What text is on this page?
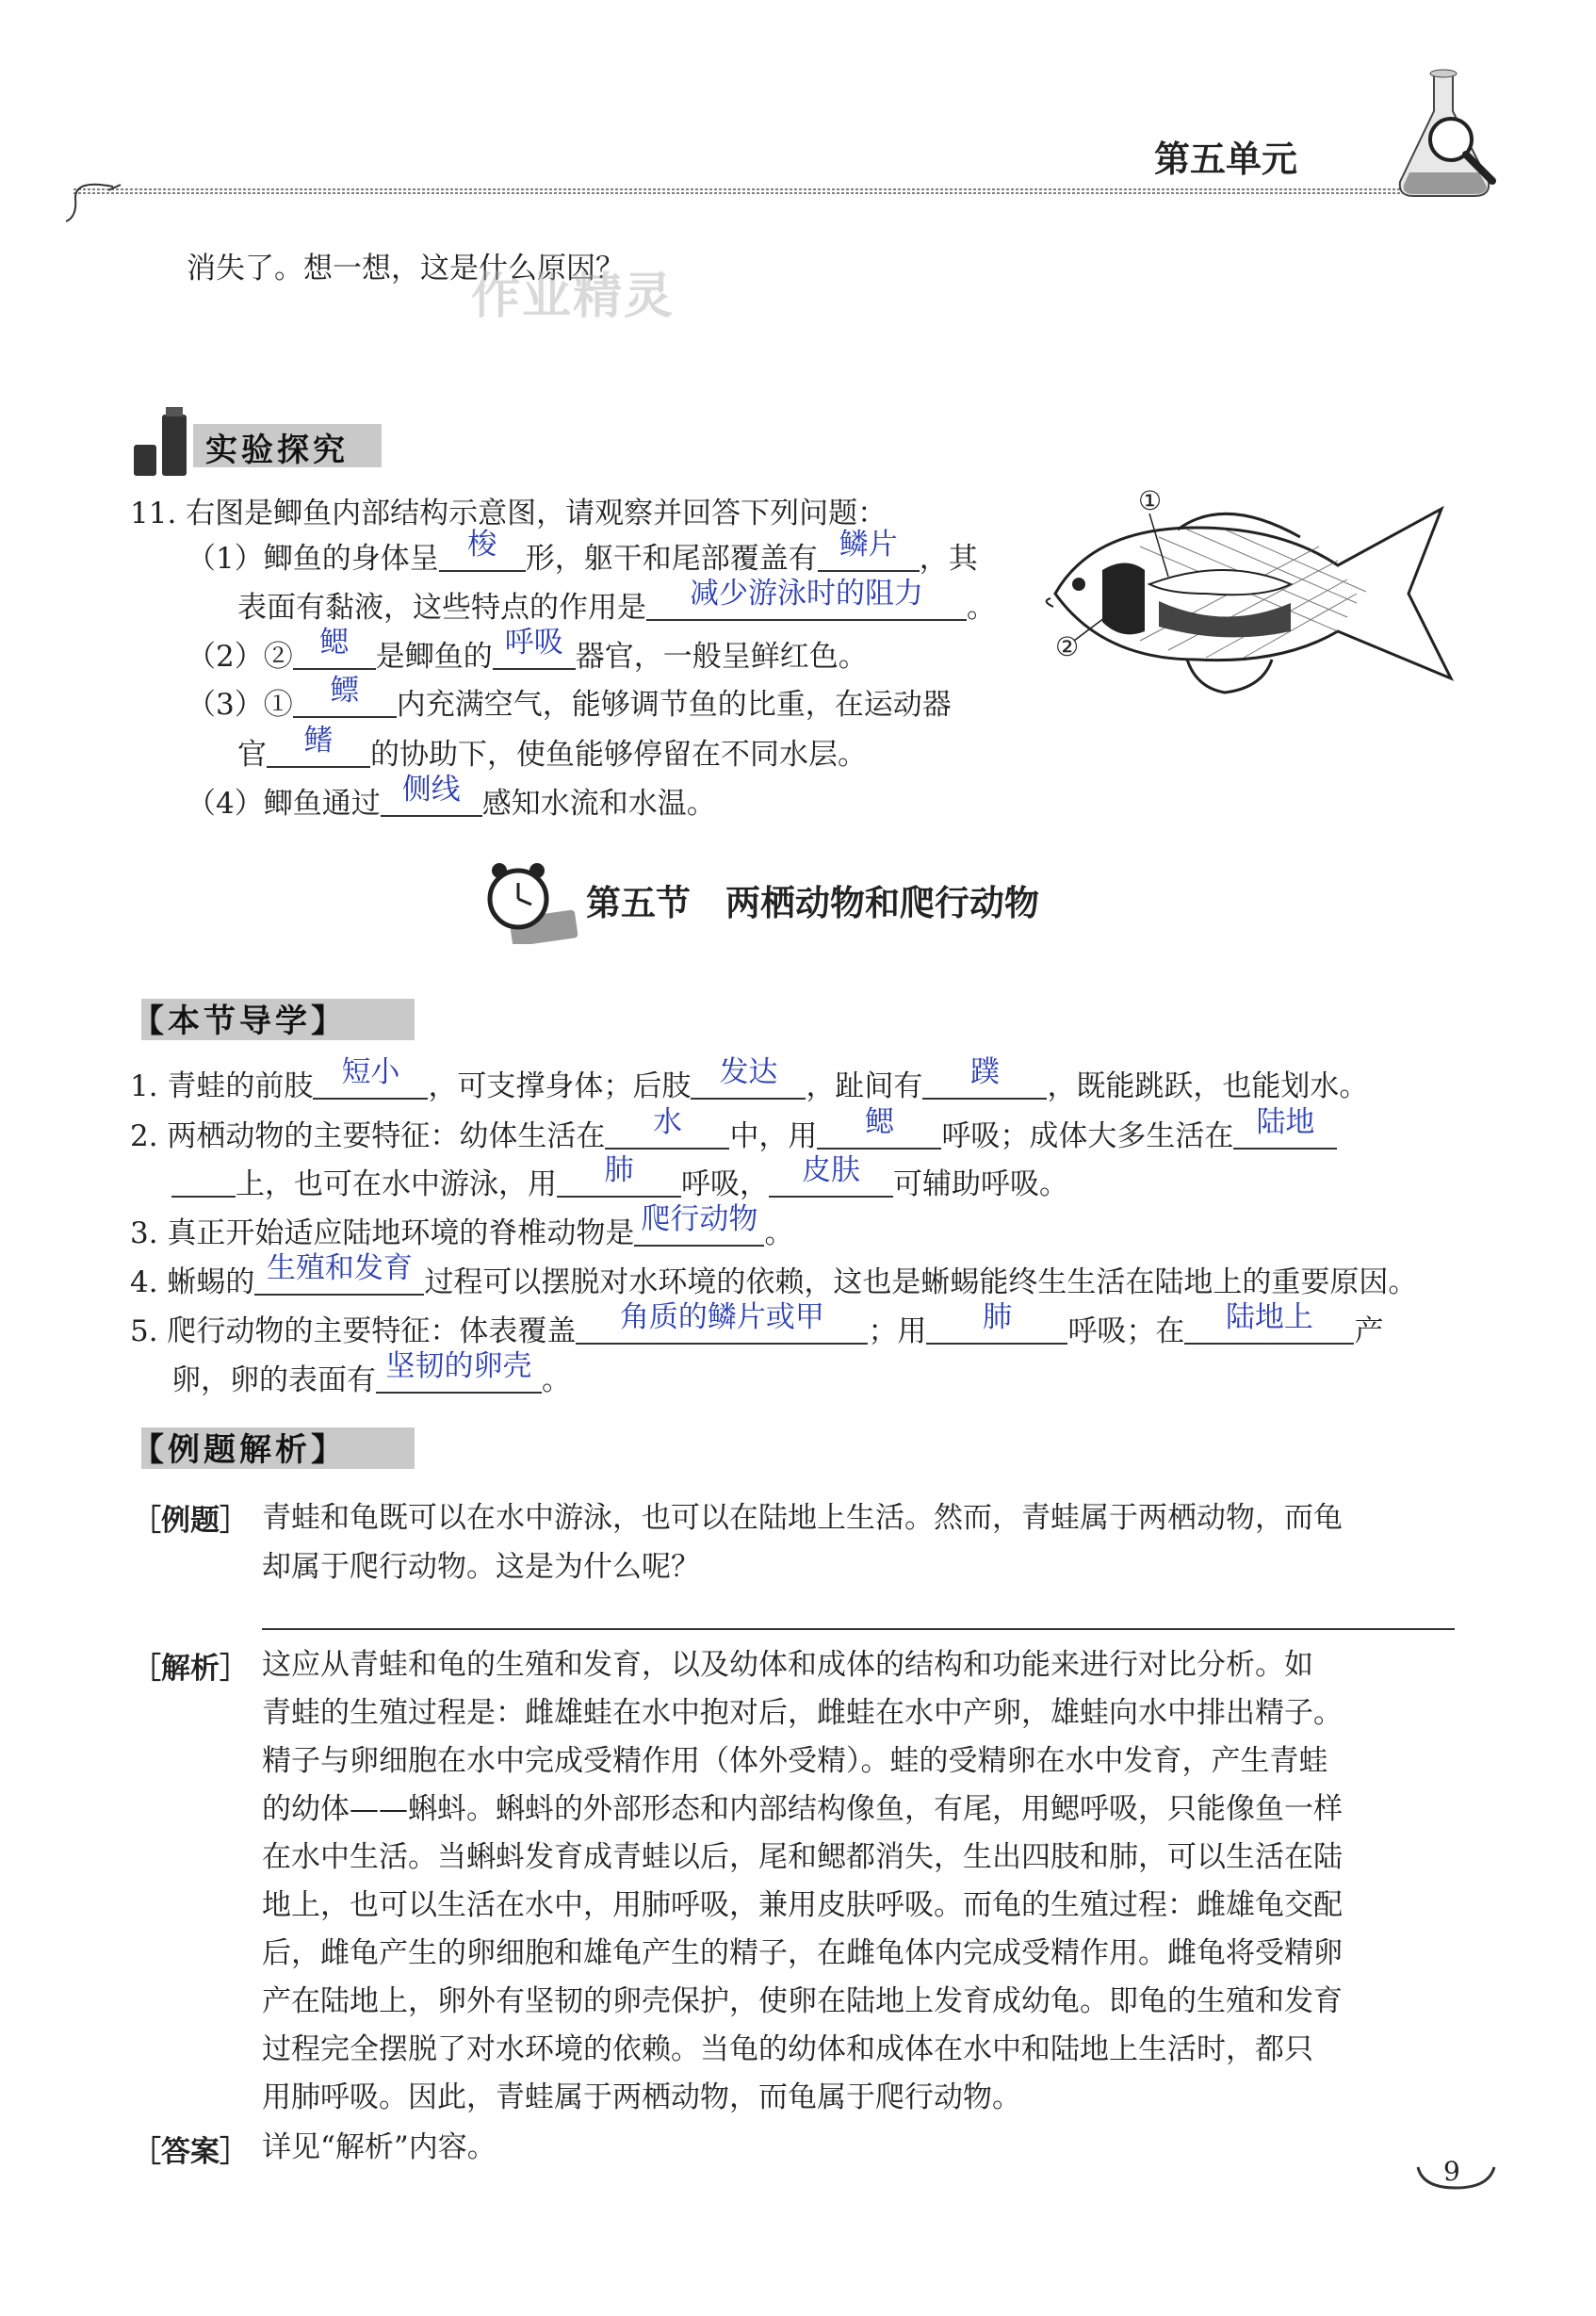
第五单元
消失了。想一想，这是什么原因？
作业精灵
实验探究
11. 右图是鲫鱼内部结构示意图，请观察并回答下列问题：
（1）鲫鱼的身体呈 梭 形，躯干和尾部覆盖有 鳞片 ，其
表面有黏液，这些特点的作用是	减少游泳时的阻力	。
（2）② 鳃 是鲫鱼的 呼吸 器官，一般呈鲜红色。
（3）①	鳔	内充满空气，能够调节鱼的比重，在运动器
官	鳍	的协助下，使鱼能够停留在不同水层。
（4）鲫鱼通过 侧线 感知水流和水温。
①
②
第五节　两栖动物和爬行动物
【本节导学】
1. 青蛙的前肢 短小 ，可支撑身体；后肢 发达 ，趾间有	蹼	，既能跳跃，也能划水。
2. 两栖动物的主要特征：幼体生活在	水	中，用	鳃	呼吸；成体大多生活在 陆地
上，也可在水中游泳，用	肺	呼吸，	皮肤	可辅助呼吸。
3. 真正开始适应陆地环境的脊椎动物是 爬行动物 。
4. 蜥蜴的 生殖和发育 过程可以摆脱对水环境的依赖，这也是蜥蜴能终生生活在陆地上的重要原因。
5. 爬行动物的主要特征：体表覆盖	角质的鳞片或甲	；用	肺	呼吸；在	陆地上	产
卵，卵的表面有 坚韧的卵壳 。
【例题解析】
［例题］ 青蛙和龟既可以在水中游泳，也可以在陆地上生活。然而，青蛙属于两栖动物，而龟
却属于爬行动物。这是为什么呢？
［解析］ 这应从青蛙和龟的生殖和发育，以及幼体和成体的结构和功能来进行对比分析。如
青蛙的生殖过程是：雌雄蛙在水中抱对后，雌蛙在水中产卵，雄蛙向水中排出精子。
精子与卵细胞在水中完成受精作用（体外受精）。蛙的受精卵在水中发育，产生青蛙
的幼体——蝌蚪。蝌蚪的外部形态和内部结构像鱼，有尾，用鳃呼吸，只能像鱼一样
在水中生活。当蝌蚪发育成青蛙以后，尾和鳃都消失，生出四肢和肺，可以生活在陆
地上，也可以生活在水中，用肺呼吸，兼用皮肤呼吸。而龟的生殖过程：雌雄龟交配
后，雌龟产生的卵细胞和雄龟产生的精子，在雌龟体内完成受精作用。雌龟将受精卵
产在陆地上，卵外有坚韧的卵壳保护，使卵在陆地上发育成幼龟。即龟的生殖和发育
过程完全摆脱了对水环境的依赖。当龟的幼体和成体在水中和陆地上生活时，都只
用肺呼吸。因此，青蛙属于两栖动物，而龟属于爬行动物。
［答案］ 详见“解析”内容。
9
